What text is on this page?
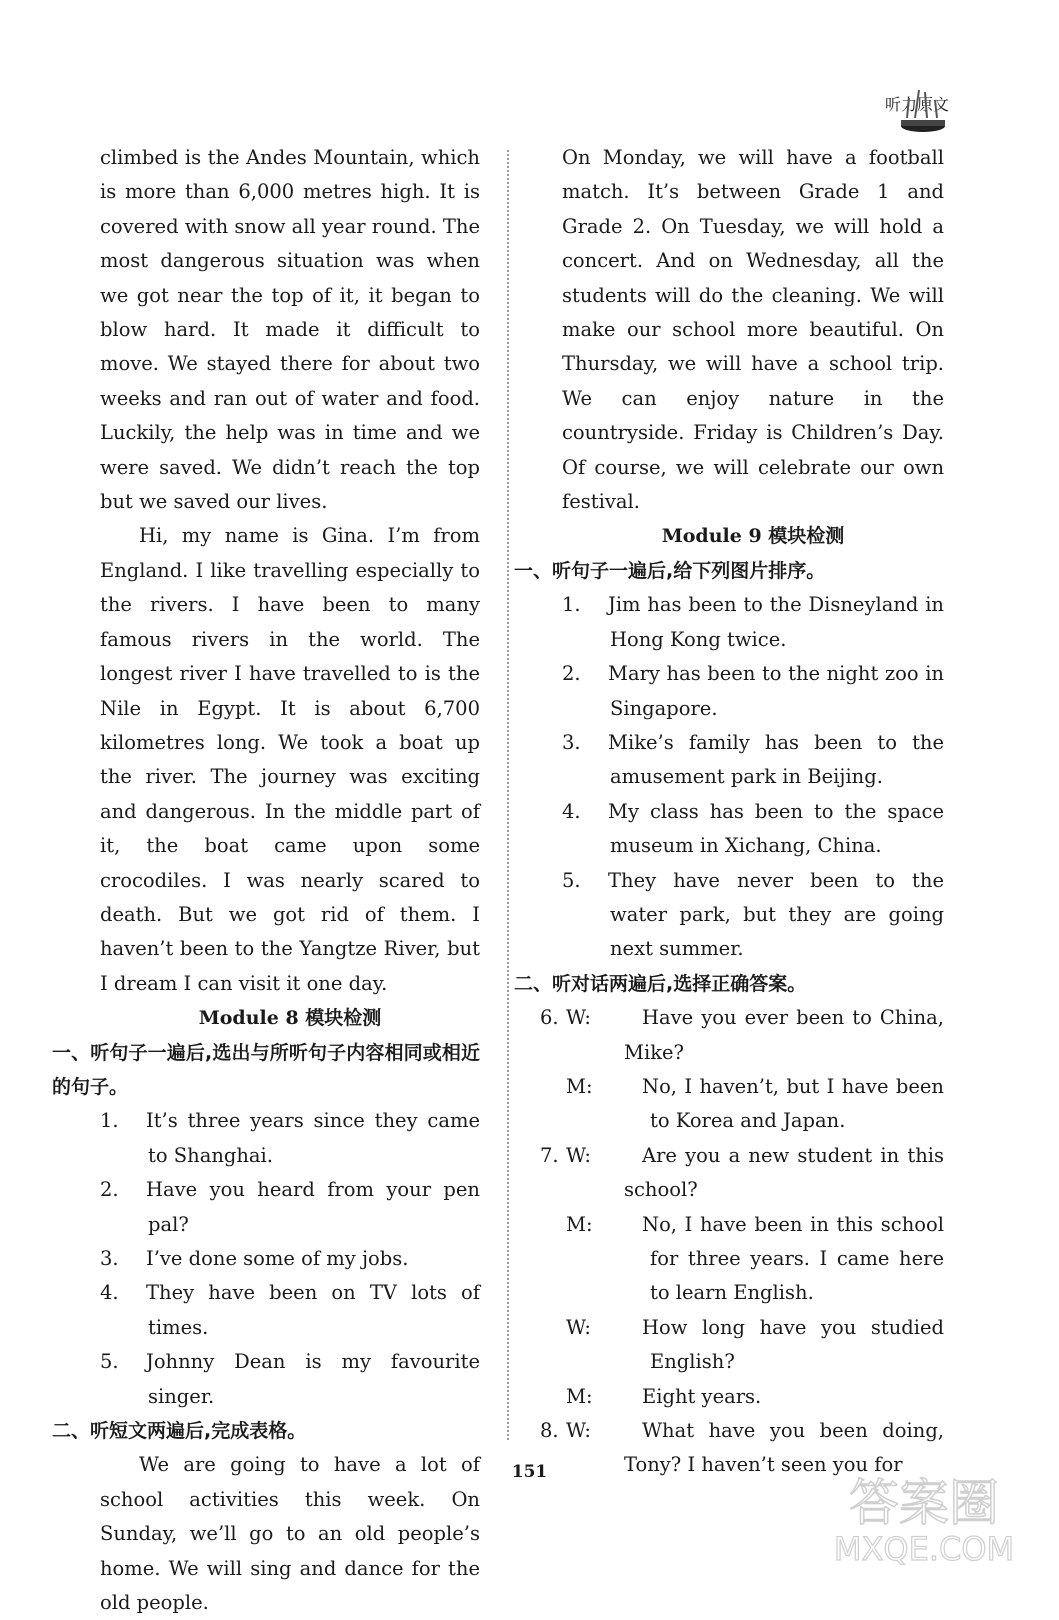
听力原文

climbed is the Andes Mountain, which is more than 6,000 metres high. It is covered with snow all year round. The most dangerous situation was when we got near the top of it, it began to blow hard. It made it difficult to move. We stayed there for about two weeks and ran out of water and food. Luckily, the help was in time and we were saved. We didn’t reach the top but we saved our lives.

Hi, my name is Gina. I’m from England. I like travelling especially to the rivers. I have been to many famous rivers in the world. The longest river I have travelled to is the Nile in Egypt. It is about 6,700 kilometres long. We took a boat up the river. The journey was exciting and dangerous. In the middle part of it, the boat came upon some crocodiles. I was nearly scared to death. But we got rid of them. I haven’t been to the Yangtze River, but I dream I can visit it one day.

Module 8 模块检测

一、听句子一遍后,选出与所听句子内容相同或相近的句子。

1. It’s three years since they came to Shanghai.
2. Have you heard from your pen pal?
3. I’ve done some of my jobs.
4. They have been on TV lots of times.
5. Johnny Dean is my favourite singer.

二、听短文两遍后,完成表格。

We are going to have a lot of school activities this week. On Sunday, we’ll go to an old people’s home. We will sing and dance for the old people.

On Monday, we will have a football match. It’s between Grade 1 and Grade 2. On Tuesday, we will hold a concert. And on Wednesday, all the students will do the cleaning. We will make our school more beautiful. On Thursday, we will have a school trip. We can enjoy nature in the countryside. Friday is Children’s Day. Of course, we will celebrate our own festival.

Module 9 模块检测

一、听句子一遍后,给下列图片排序。

1. Jim has been to the Disneyland in Hong Kong twice.
2. Mary has been to the night zoo in Singapore.
3. Mike’s family has been to the amusement park in Beijing.
4. My class has been to the space museum in Xichang, China.
5. They have never been to the water park, but they are going next summer.

二、听对话两遍后,选择正确答案。

6. W:	Have you ever been to China, Mike?
M:	No, I haven’t, but I have been to Korea and Japan.
7. W:	Are you a new student in this school?
M:	No, I have been in this school for three years. I came here to learn English.
W:	How long have you studied English?
M:	Eight years.
8. W:	What have you been doing, Tony? I haven’t seen you for
151
答案圈
MXQE.COM
